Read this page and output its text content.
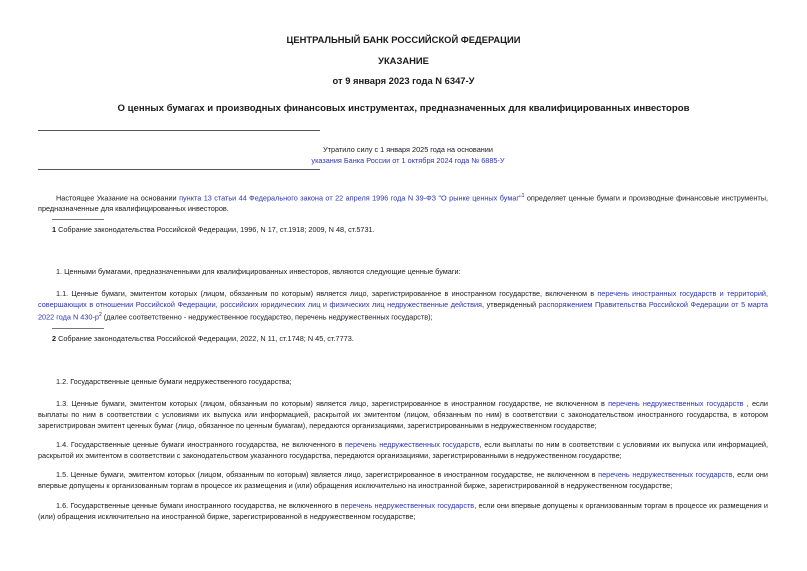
ЦЕНТРАЛЬНЫЙ БАНК РОССИЙСКОЙ ФЕДЕРАЦИИ
УКАЗАНИЕ
от 9 января 2023 года N 6347-У
О ценных бумагах и производных финансовых инструментах, предназначенных для квалифицированных инвесторов
Утратило силу с 1 января 2025 года на основании
указания Банка России от 1 октября 2024 года № 6885-У
Настоящее Указание на основании пункта 13 статьи 44 Федерального закона от 22 апреля 1996 года N 39-ФЗ "О рынке ценных бумаг"$^1$ определяет ценные бумаги и производные финансовые инструменты, предназначенные для квалифицированных инвесторов.
1 Собрание законодательства Российской Федерации, 1996, N 17, ст.1918; 2009, N 48, ст.5731.
1. Ценными бумагами, предназначенными для квалифицированных инвесторов, являются следующие ценные бумаги:
1.1. Ценные бумаги, эмитентом которых (лицом, обязанным по которым) является лицо, зарегистрированное в иностранном государстве, включенном в перечень иностранных государств и территорий, совершающих в отношении Российской Федерации, российских юридических лиц и физических лиц недружественные действия, утвержденный распоряжением Правительства Российской Федерации от 5 марта 2022 года N $430-р^2$ (далее соответственно - недружественное государство, перечень недружественных государств);
2 Собрание законодательства Российской Федерации, 2022, N 11, ст.1748; N 45, ст.7773.
1.2. Государственные ценные бумаги недружественного государства;
1.3. Ценные бумаги, эмитентом которых (лицом, обязанным по которым) является лицо, зарегистрированное в иностранном государстве, не включенном в перечень недружественных государств , если выплаты по ним в соответствии с условиями их выпуска или информацией, раскрытой их эмитентом (лицом, обязанным по ним) в соответствии с законодательством иностранного государства, в котором зарегистрирован эмитент ценных бумаг (лицо, обязанное по ценным бумагам), передаются организациями, зарегистрированными в недружественном государстве;
1.4. Государственные ценные бумаги иностранного государства, не включенного в перечень недружественных государств, если выплаты по ним в соответствии с условиями их выпуска или информацией, раскрытой их эмитентом в соответствии с законодательством указанного государства, передаются организациями, зарегистрированными в недружественном государстве;
1.5. Ценные бумаги, эмитентом которых (лицом, обязанным по которым) является лицо, зарегистрированное в иностранном государстве, не включенном в перечень недружественных государств, если они впервые допущены к организованным торгам в процессе их размещения и (или) обращения исключительно на иностранной бирже, зарегистрированной в недружественном государстве;
1.6. Государственные ценные бумаги иностранного государства, не включенного в перечень недружественных государств, если они впервые допущены к организованным торгам в процессе их размещения и (или) обращения исключительно на иностранной бирже, зарегистрированной в недружественном государстве;
